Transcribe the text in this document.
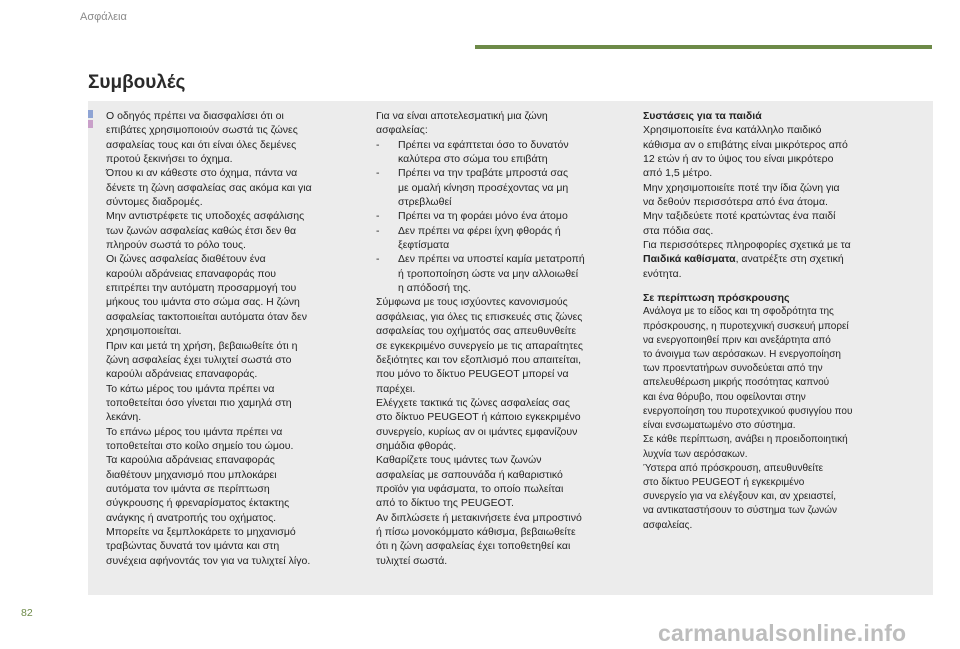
Ασφάλεια
Συμβουλές

Ο οδηγός πρέπει να διασφαλίσει ότι οι

επιβάτες χρησιμοποιούν σωστά τις ζώνες

ασφαλείας τους και ότι είναι όλες δεμένες

προτού ξεκινήσει το όχημα.

Όπου κι αν κάθεστε στο όχημα, πάντα να

δένετε τη ζώνη ασφαλείας σας ακόμα και για

σύντομες διαδρομές.

Μην αντιστρέφετε τις υποδοχές ασφάλισης

των ζωνών ασφαλείας καθώς έτσι δεν θα

πληρούν σωστά το ρόλο τους.

Οι ζώνες ασφαλείας διαθέτουν ένα

καρούλι αδράνειας επαναφοράς που

επιτρέπει την αυτόματη προσαρμογή του

μήκους του ιμάντα στο σώμα σας. Η ζώνη

ασφαλείας τακτοποιείται αυτόματα όταν δεν

χρησιμοποιείται.

Πριν και μετά τη χρήση, βεβαιωθείτε ότι η

ζώνη ασφαλείας έχει τυλιχτεί σωστά στο

καρούλι αδράνειας επαναφοράς.

Το κάτω μέρος του ιμάντα πρέπει να

τοποθετείται όσο γίνεται πιο χαμηλά στη

λεκάνη.

Το επάνω μέρος του ιμάντα πρέπει να

τοποθετείται στο κοίλο σημείο του ώμου.

Τα καρούλια αδράνειας επαναφοράς

διαθέτουν μηχανισμό που μπλοκάρει

αυτόματα τον ιμάντα σε περίπτωση

σύγκρουσης ή φρεναρίσματος έκτακτης

ανάγκης ή ανατροπής του οχήματος.

Μπορείτε να ξεμπλοκάρετε το μηχανισμό

τραβώντας δυνατά τον ιμάντα και στη

συνέχεια αφήνοντάς τον για να τυλιχτεί λίγο.

Για να είναι αποτελεσματική μια ζώνη

ασφαλείας:

-	Πρέπει να εφάπτεται όσο το δυνατόν

καλύτερα στο σώμα του επιβάτη

-	Πρέπει να την τραβάτε μπροστά σας

με ομαλή κίνηση προσέχοντας να μη

στρεβλωθεί

-	Πρέπει να τη φοράει μόνο ένα άτομο

-	Δεν πρέπει να φέρει ίχνη φθοράς ή

ξεφτίσματα

-	Δεν πρέπει να υποστεί καμία μετατροπή

ή τροποποίηση ώστε να μην αλλοιωθεί

η απόδοσή της.

Σύμφωνα με τους ισχύοντες κανονισμούς

ασφάλειας, για όλες τις επισκευές στις ζώνες

ασφαλείας του οχήματός σας απευθυνθείτε

σε εγκεκριμένο συνεργείο με τις απαραίτητες

δεξιότητες και τον εξοπλισμό που απαιτείται,

που μόνο το δίκτυο PEUGEOT μπορεί να

παρέχει.

Ελέγχετε τακτικά τις ζώνες ασφαλείας σας

στο δίκτυο PEUGEOT ή κάποιο εγκεκριμένο

συνεργείο, κυρίως αν οι ιμάντες εμφανίζουν

σημάδια φθοράς.

Καθαρίζετε τους ιμάντες των ζωνών

ασφαλείας με σαπουνάδα ή καθαριστικό

προϊόν για υφάσματα, το οποίο πωλείται

από το δίκτυο της PEUGEOT.

Αν διπλώσετε ή μετακινήσετε ένα μπροστινό

ή πίσω μονοκόμματο κάθισμα, βεβαιωθείτε

ότι η ζώνη ασφαλείας έχει τοποθετηθεί και

τυλιχτεί σωστά.

Συστάσεις για τα παιδιά

Χρησιμοποιείτε ένα κατάλληλο παιδικό

κάθισμα αν ο επιβάτης είναι μικρότερος από

12 ετών ή αν το ύψος του είναι μικρότερο

από 1,5 μέτρο.

Μην χρησιμοποιείτε ποτέ την ίδια ζώνη για

να δεθούν περισσότερα από ένα άτομα.

Μην ταξιδεύετε ποτέ κρατώντας ένα παιδί

στα πόδια σας.

Για περισσότερες πληροφορίες σχετικά με τα

Παιδικά καθίσματα, ανατρέξτε στη σχετική

ενότητα.

Σε περίπτωση πρόσκρουσης

Ανάλογα με το είδος και τη σφοδρότητα της

πρόσκρουσης, η πυροτεχνική συσκευή μπορεί

να ενεργοποιηθεί πριν και ανεξάρτητα από

το άνοιγμα των αερόσακων. Η ενεργοποίηση

των προεντατήρων συνοδεύεται από την

απελευθέρωση μικρής ποσότητας καπνού

και ένα θόρυβο, που οφείλονται στην

ενεργοποίηση του πυροτεχνικού φυσιγγίου που

είναι ενσωματωμένο στο σύστημα.

Σε κάθε περίπτωση, ανάβει η προειδοποιητική

λυχνία των αερόσακων.

Ύστερα από πρόσκρουση, απευθυνθείτε

στο δίκτυο PEUGEOT ή εγκεκριμένο

συνεργείο για να ελέγξουν και, αν χρειαστεί,

να αντικαταστήσουν το σύστημα των ζωνών

ασφαλείας.

82
carmanualsonline.info
